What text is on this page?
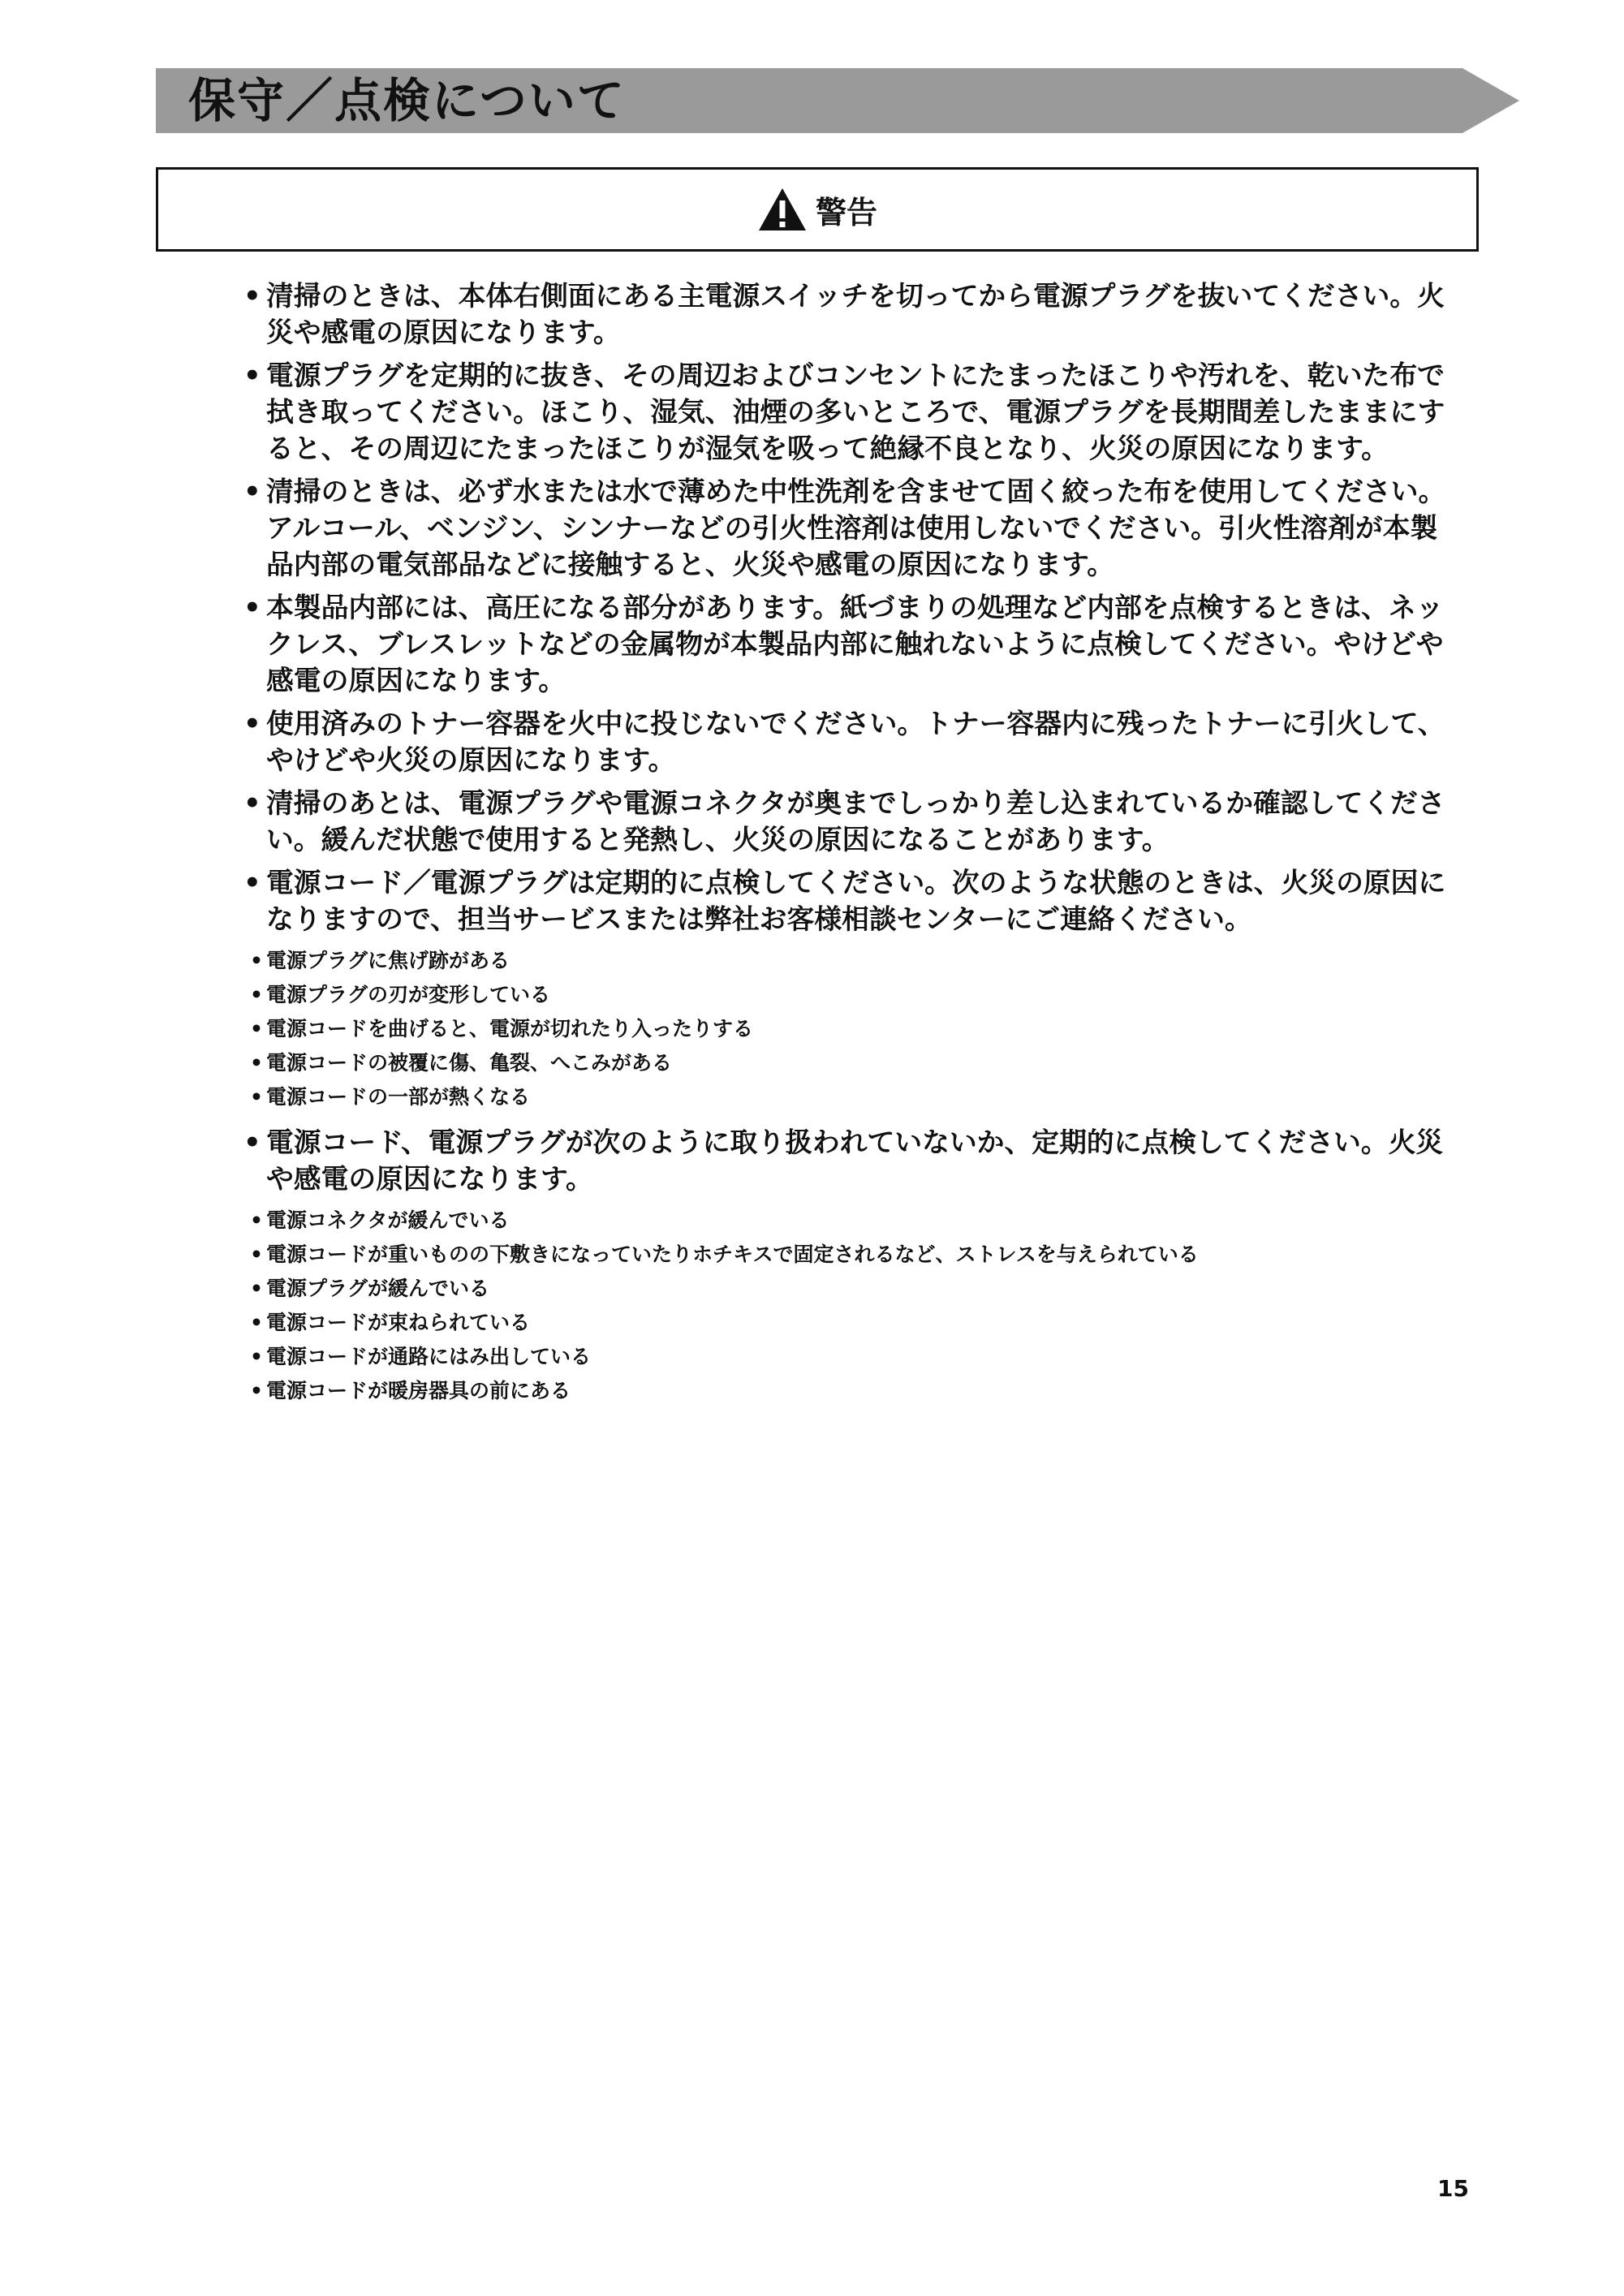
保守／点検について
警告
• 清掃のときは、本体右側面にある主電源スイッチを切ってから電源プラグを抜いてください。火
災や感電の原因になります。
• 電源プラグを定期的に抜き、その周辺およびコンセントにたまったほこりや汚れを、乾いた布で
拭き取ってください。ほこり、湿気、油煙の多いところで、電源プラグを長期間差したままにす
ると、その周辺にたまったほこりが湿気を吸って絶縁不良となり、火災の原因になります。
• 清掃のときは、必ず水または水で薄めた中性洗剤を含ませて固く絞った布を使用してください。
アルコール、ベンジン、シンナーなどの引火性溶剤は使用しないでください。引火性溶剤が本製
品内部の電気部品などに接触すると、火災や感電の原因になります。
• 本製品内部には、高圧になる部分があります。紙づまりの処理など内部を点検するときは、ネッ
クレス、ブレスレットなどの金属物が本製品内部に触れないように点検してください。やけどや
感電の原因になります。
• 使用済みのトナー容器を火中に投じないでください。トナー容器内に残ったトナーに引火して、
やけどや火災の原因になります。
• 清掃のあとは、電源プラグや電源コネクタが奥までしっかり差し込まれているか確認してくださ
い。緩んだ状態で使用すると発熱し、火災の原因になることがあります。
• 電源コード／電源プラグは定期的に点検してください。次のような状態のときは、火災の原因に
なりますので、担当サービスまたは弊社お客様相談センターにご連絡ください。
• 電源プラグに焦げ跡がある
• 電源プラグの刃が変形している
• 電源コードを曲げると、電源が切れたり入ったりする
• 電源コードの被覆に傷、亀裂、へこみがある
• 電源コードの一部が熱くなる
• 電源コード、電源プラグが次のように取り扱われていないか、定期的に点検してください。火災
や感電の原因になります。
• 電源コネクタが緩んでいる
• 電源コードが重いものの下敷きになっていたりホチキスで固定されるなど、ストレスを与えられている
• 電源プラグが緩んでいる
• 電源コードが束ねられている
• 電源コードが通路にはみ出している
• 電源コードが暖房器具の前にある
15
